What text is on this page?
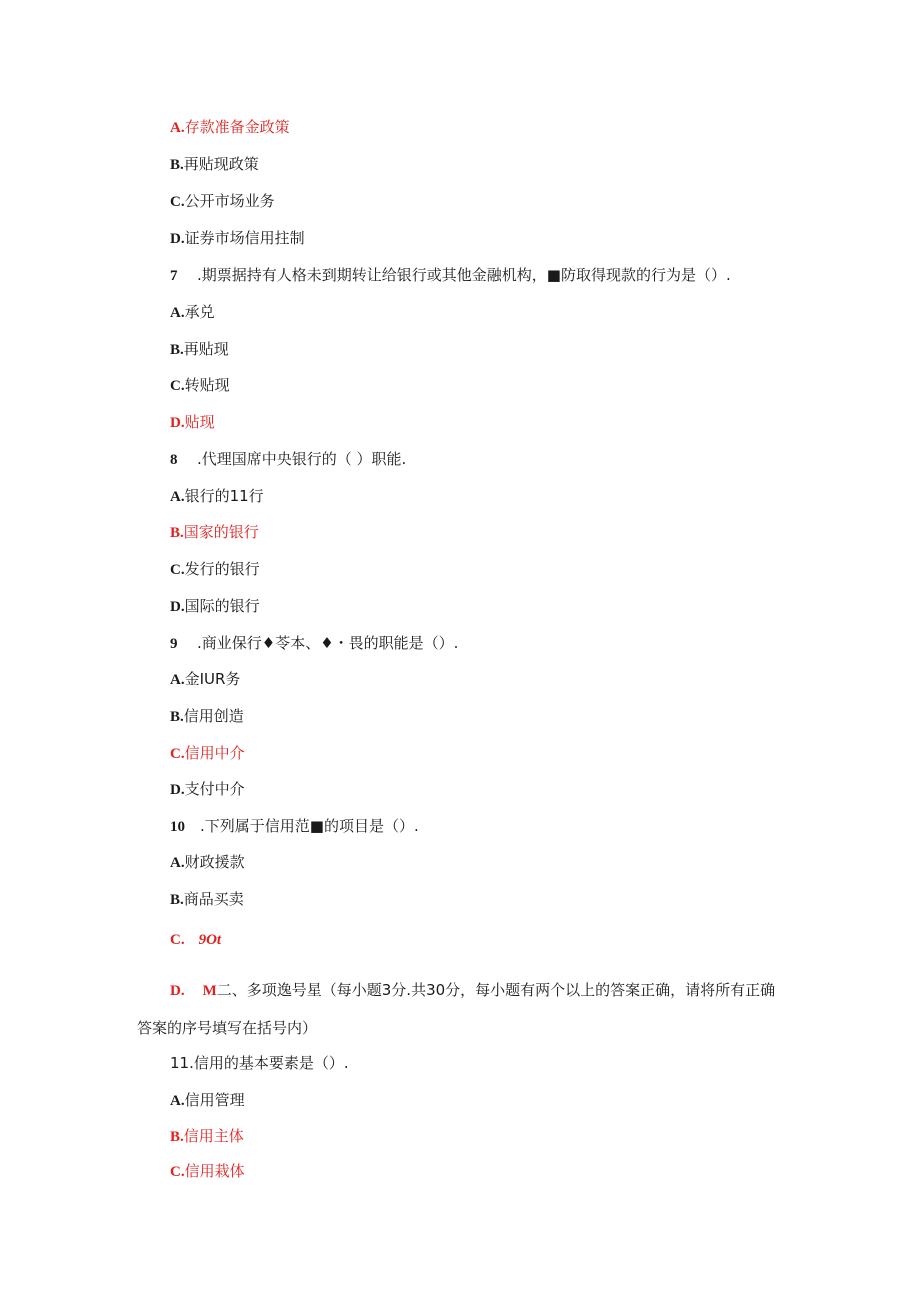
A.存款准备金政策
B.再贴现政策
C.公开市场业务
D.证券市场信用拄制
7 .期票据持有人格未到期转让给银行或其他金融机构，■防取得现款的行为是（）.
A.承兑
B.再贴现
C.转贴现
D.贴现
8 .代理国席中央银行的（ ）职能.
A.银行的11行
B.国家的银行
C.发行的银行
D.国际的银行
9 .商业保行♦苓本、♦・畏的职能是（）.
A.金IUR务
B.信用创造
C.信用中介
D.支付中介
10 .下列属于信用范■的项目是（）.
A.财政援款
B.商品买卖
C. 9Ot
D. M二、多项逸号星（每小题3分.共30分，每小题有两个以上的答案正确，请将所有正确答案的序号填写在括号内）
11.信用的基本要素是（）.
A.信用管理
B.信用主体
C.信用栽体
